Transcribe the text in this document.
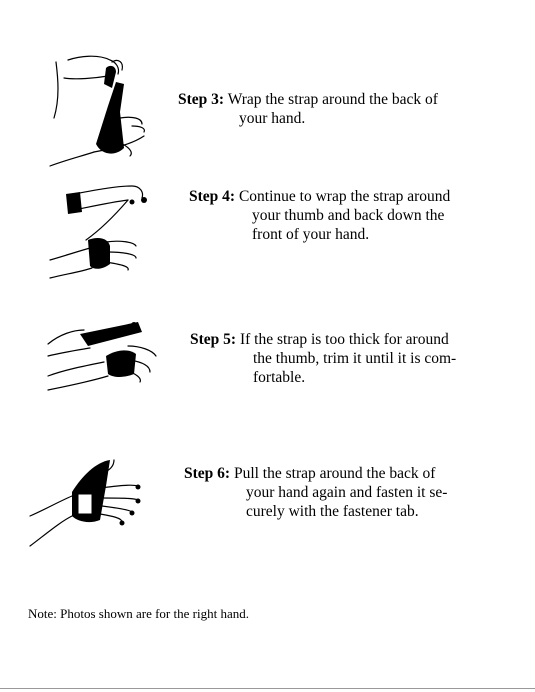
Step 3: Wrap the strap around the back of
your hand.
Step 4: Continue to wrap the strap around
your thumb and back down the
front of your hand.
Step 5: If the strap is too thick for around
the thumb, trim it until it is com-
fortable.
Step 6: Pull the strap around the back of
your hand again and fasten it se-
curely with the fastener tab.
Note: Photos shown are for the right hand.
